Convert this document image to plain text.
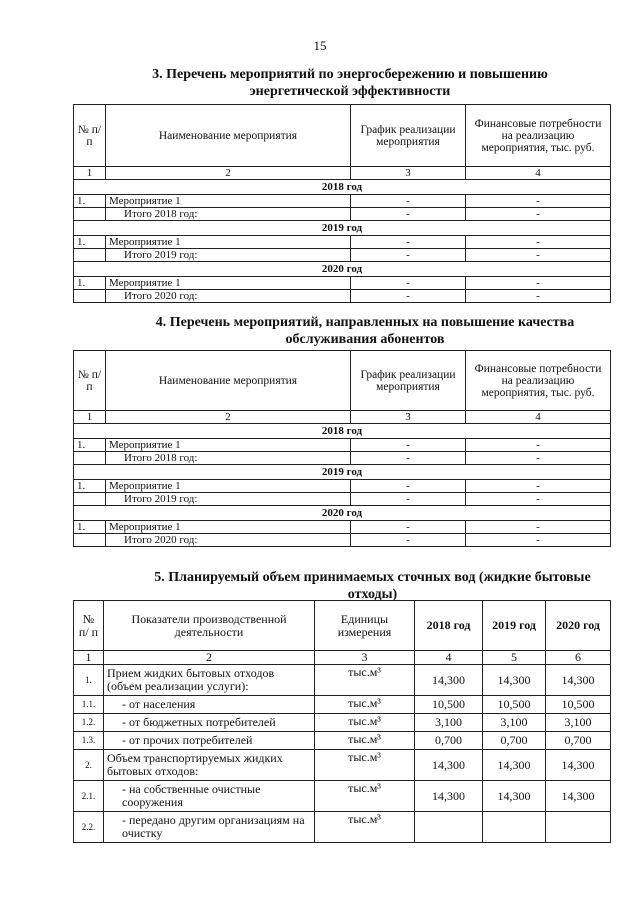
15
3. Перечень мероприятий по энергосбережению и повышению
энергетической эффективности
№ п/п	Наименование мероприятия	График реализации мероприятия	Финансовые потребности на реализацию мероприятия, тыс. руб.
1	2	3	4
2018 год			
1.	Мероприятие 1	-	-
	Итого 2018 год:	-	-
2019 год			
1.	Мероприятие 1	-	-
	Итого 2019 год:	-	-
2020 год			
1.	Мероприятие 1	-	-
	Итого 2020 год:	-	-
4. Перечень мероприятий, направленных на повышение качества
обслуживания абонентов
№ п/п	Наименование мероприятия	График реализации мероприятия	Финансовые потребности на реализацию мероприятия, тыс. руб.
1	2	3	4
2018 год			
1.	Мероприятие 1	-	-
	Итого 2018 год:	-	-
2019 год			
1.	Мероприятие 1	-	-
	Итого 2019 год:	-	-
2020 год			
1.	Мероприятие 1	-	-
	Итого 2020 год:	-	-
5. Планируемый объем принимаемых сточных вод (жидкие бытовые
отходы)
№ п/ п	Показатели производственной деятельности	Единицы измерения	2018 год	2019 год	2020 год
1	2	3	4	5	6
1.	Прием жидких бытовых отходов (объем реализации услуги):	тыс.м³	14,300	14,300	14,300
1.1.	- от населения	тыс.м³	10,500	10,500	10,500
1.2.	- от бюджетных потребителей	тыс.м³	3,100	3,100	3,100
1.3.	- от прочих потребителей	тыс.м³	0,700	0,700	0,700
2.	Объем транспортируемых жидких бытовых отходов:	тыс.м³	14,300	14,300	14,300
2.1.	- на собственные очистные сооружения	тыс.м³	14,300	14,300	14,300
2.2.	- передано другим организациям на очистку	тыс.м³			
